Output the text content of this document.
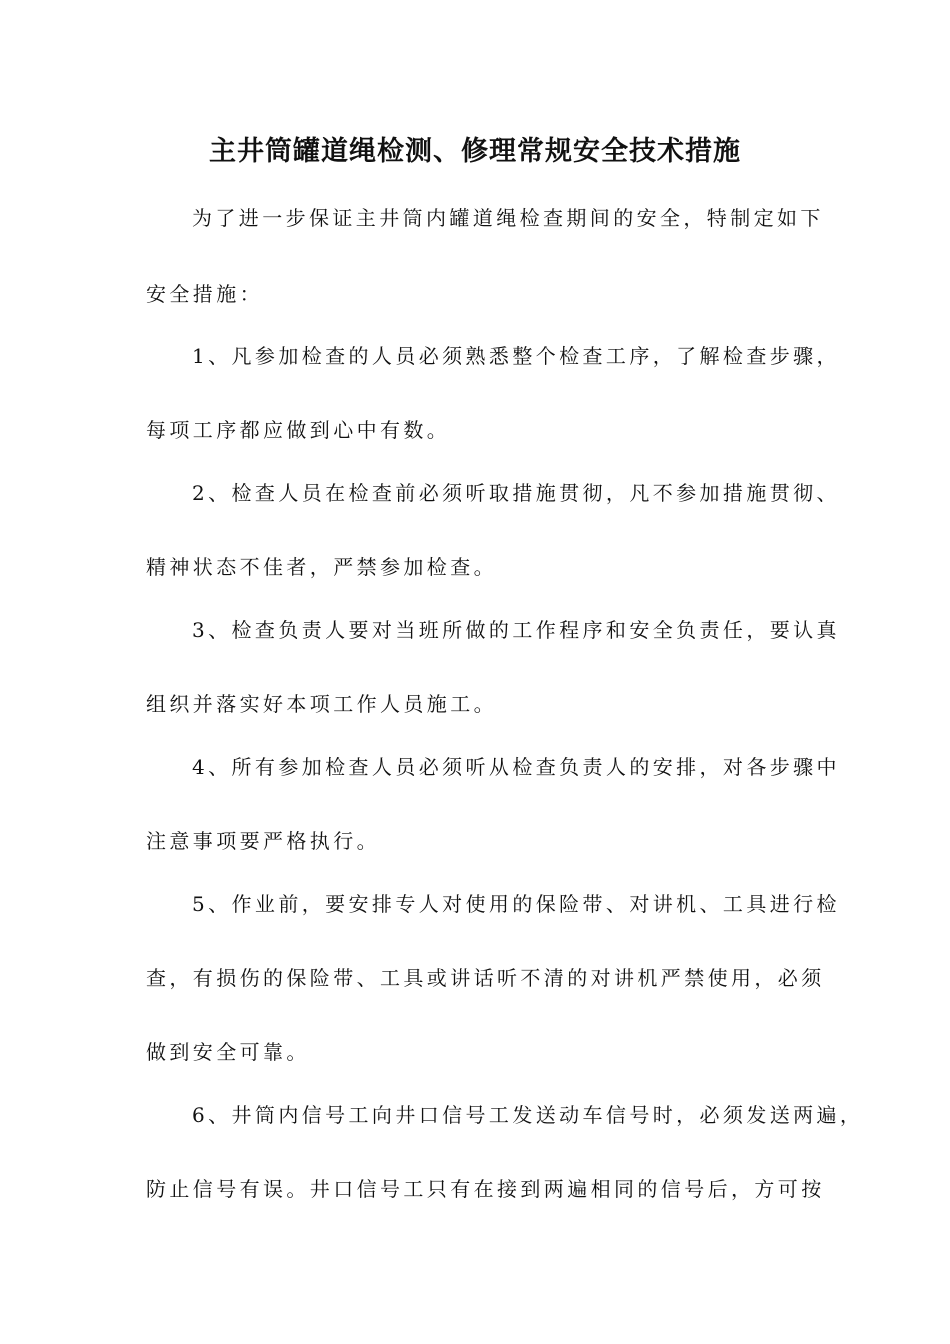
主井筒罐道绳检测、修理常规安全技术措施

为了进一步保证主井筒内罐道绳检查期间的安全，特制定如下

安全措施：

1、凡参加检查的人员必须熟悉整个检查工序，了解检查步骤，

每项工序都应做到心中有数。

2、检查人员在检查前必须听取措施贯彻，凡不参加措施贯彻、

精神状态不佳者，严禁参加检查。

3、检查负责人要对当班所做的工作程序和安全负责任，要认真

组织并落实好本项工作人员施工。

4、所有参加检查人员必须听从检查负责人的安排，对各步骤中

注意事项要严格执行。

5、作业前，要安排专人对使用的保险带、对讲机、工具进行检

查，有损伤的保险带、工具或讲话听不清的对讲机严禁使用，必须

做到安全可靠。

6、井筒内信号工向井口信号工发送动车信号时，必须发送两遍，

防止信号有误。井口信号工只有在接到两遍相同的信号后，方可按
